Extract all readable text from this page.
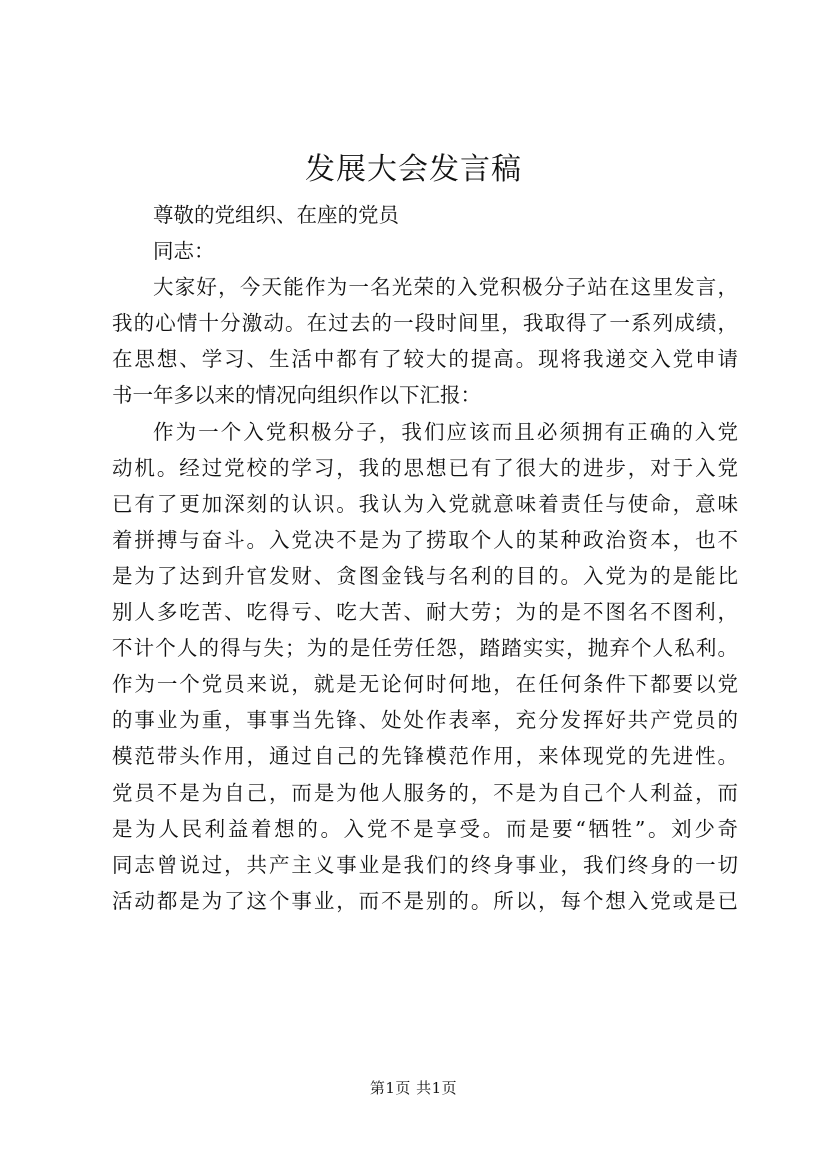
发展大会发言稿
尊敬的党组织、在座的党员
同志：
大家好，今天能作为一名光荣的入党积极分子站在这里发言，
我的心情十分激动。在过去的一段时间里，我取得了一系列成绩，
在思想、学习、生活中都有了较大的提高。现将我递交入党申请
书一年多以来的情况向组织作以下汇报：
作为一个入党积极分子，我们应该而且必须拥有正确的入党
动机。经过党校的学习，我的思想已有了很大的进步，对于入党
已有了更加深刻的认识。我认为入党就意味着责任与使命，意味
着拼搏与奋斗。入党决不是为了捞取个人的某种政治资本，也不
是为了达到升官发财、贪图金钱与名利的目的。入党为的是能比
别人多吃苦、吃得亏、吃大苦、耐大劳；为的是不图名不图利，
不计个人的得与失；为的是任劳任怨，踏踏实实，抛弃个人私利。
作为一个党员来说，就是无论何时何地，在任何条件下都要以党
的事业为重，事事当先锋、处处作表率，充分发挥好共产党员的
模范带头作用，通过自己的先锋模范作用，来体现党的先进性。
党员不是为自己，而是为他人服务的，不是为自己个人利益，而
是为人民利益着想的。入党不是享受。而是要“牺牲”。刘少奇
同志曾说过，共产主义事业是我们的终身事业，我们终身的一切
活动都是为了这个事业，而不是别的。所以，每个想入党或是已
第1页 共1页
